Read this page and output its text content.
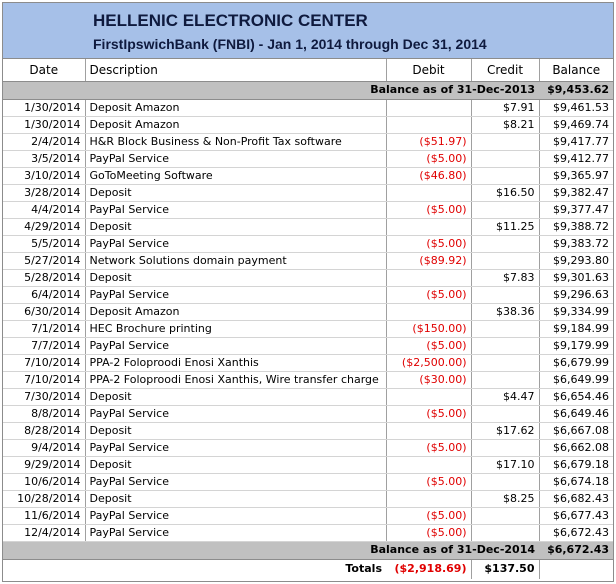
HELLENIC ELECTRONIC CENTER
FirstIpswichBank (FNBI) - Jan 1, 2014 through Dec 31, 2014
Date	Description	Debit	Credit	Balance
Balance as of 31-Dec-2013				$9,453.62
1/30/2014	Deposit Amazon		$7.91	$9,461.53
1/30/2014	Deposit Amazon		$8.21	$9,469.74
2/4/2014	H&R Block Business & Non-Profit Tax software	($51.97)		$9,417.77
3/5/2014	PayPal Service	($5.00)		$9,412.77
3/10/2014	GoToMeeting Software	($46.80)		$9,365.97
3/28/2014	Deposit		$16.50	$9,382.47
4/4/2014	PayPal Service	($5.00)		$9,377.47
4/29/2014	Deposit		$11.25	$9,388.72
5/5/2014	PayPal Service	($5.00)		$9,383.72
5/27/2014	Network Solutions domain payment	($89.92)		$9,293.80
5/28/2014	Deposit		$7.83	$9,301.63
6/4/2014	PayPal Service	($5.00)		$9,296.63
6/30/2014	Deposit Amazon		$38.36	$9,334.99
7/1/2014	HEC Brochure printing	($150.00)		$9,184.99
7/7/2014	PayPal Service	($5.00)		$9,179.99
7/10/2014	PPA-2 Foloproodi Enosi Xanthis	($2,500.00)		$6,679.99
7/10/2014	PPA-2 Foloproodi Enosi Xanthis, Wire transfer charge	($30.00)		$6,649.99
7/30/2014	Deposit		$4.47	$6,654.46
8/8/2014	PayPal Service	($5.00)		$6,649.46
8/28/2014	Deposit		$17.62	$6,667.08
9/4/2014	PayPal Service	($5.00)		$6,662.08
9/29/2014	Deposit		$17.10	$6,679.18
10/6/2014	PayPal Service	($5.00)		$6,674.18
10/28/2014	Deposit		$8.25	$6,682.43
11/6/2014	PayPal Service	($5.00)		$6,677.43
12/4/2014	PayPal Service	($5.00)		$6,672.43
Balance as of 31-Dec-2014				$6,672.43
Totals		($2,918.69)	$137.50	
